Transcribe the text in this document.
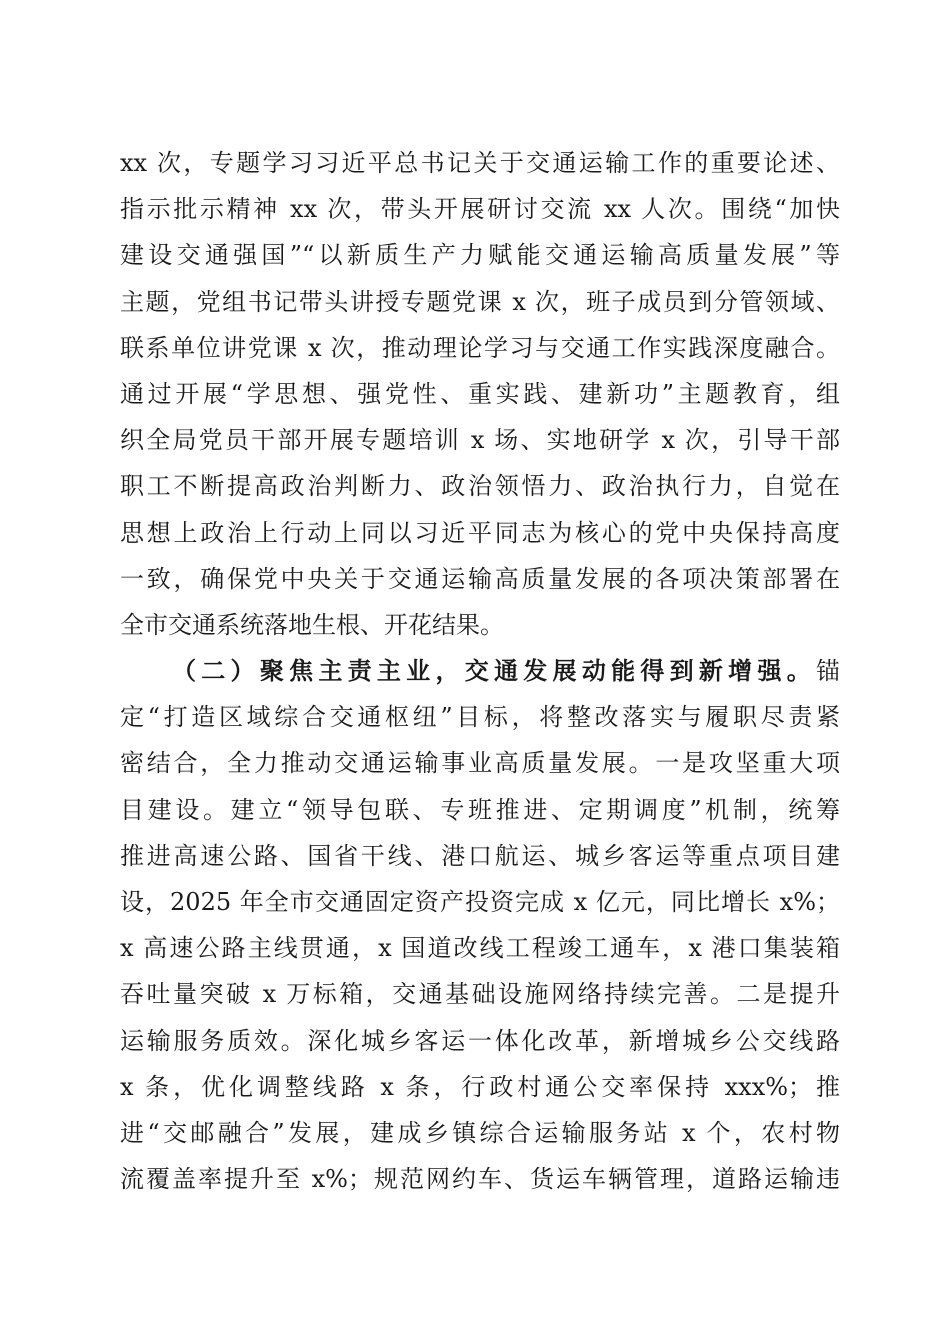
xx 次，专题学习习近平总书记关于交通运输工作的重要论述、
指示批示精神 xx 次，带头开展研讨交流 xx 人次。围绕“加快
建设交通强国”“以新质生产力赋能交通运输高质量发展”等
主题，党组书记带头讲授专题党课 x 次，班子成员到分管领域、
联系单位讲党课 x 次，推动理论学习与交通工作实践深度融合。
通过开展“学思想、强党性、重实践、建新功”主题教育，组
织全局党员干部开展专题培训 x 场、实地研学 x 次，引导干部
职工不断提高政治判断力、政治领悟力、政治执行力，自觉在
思想上政治上行动上同以习近平同志为核心的党中央保持高度
一致，确保党中央关于交通运输高质量发展的各项决策部署在
全市交通系统落地生根、开花结果。
（二）聚焦主责主业，交通发展动能得到新增强。锚
定“打造区域综合交通枢纽”目标，将整改落实与履职尽责紧
密结合，全力推动交通运输事业高质量发展。一是攻坚重大项
目建设。建立“领导包联、专班推进、定期调度”机制，统筹
推进高速公路、国省干线、港口航运、城乡客运等重点项目建
设，2025 年全市交通固定资产投资完成 x 亿元，同比增长 x%；
x 高速公路主线贯通，x 国道改线工程竣工通车，x 港口集装箱
吞吐量突破 x 万标箱，交通基础设施网络持续完善。二是提升
运输服务质效。深化城乡客运一体化改革，新增城乡公交线路
x 条，优化调整线路 x 条，行政村通公交率保持 xxx%；推
进“交邮融合”发展，建成乡镇综合运输服务站 x 个，农村物
流覆盖率提升至 x%；规范网约车、货运车辆管理，道路运输违
